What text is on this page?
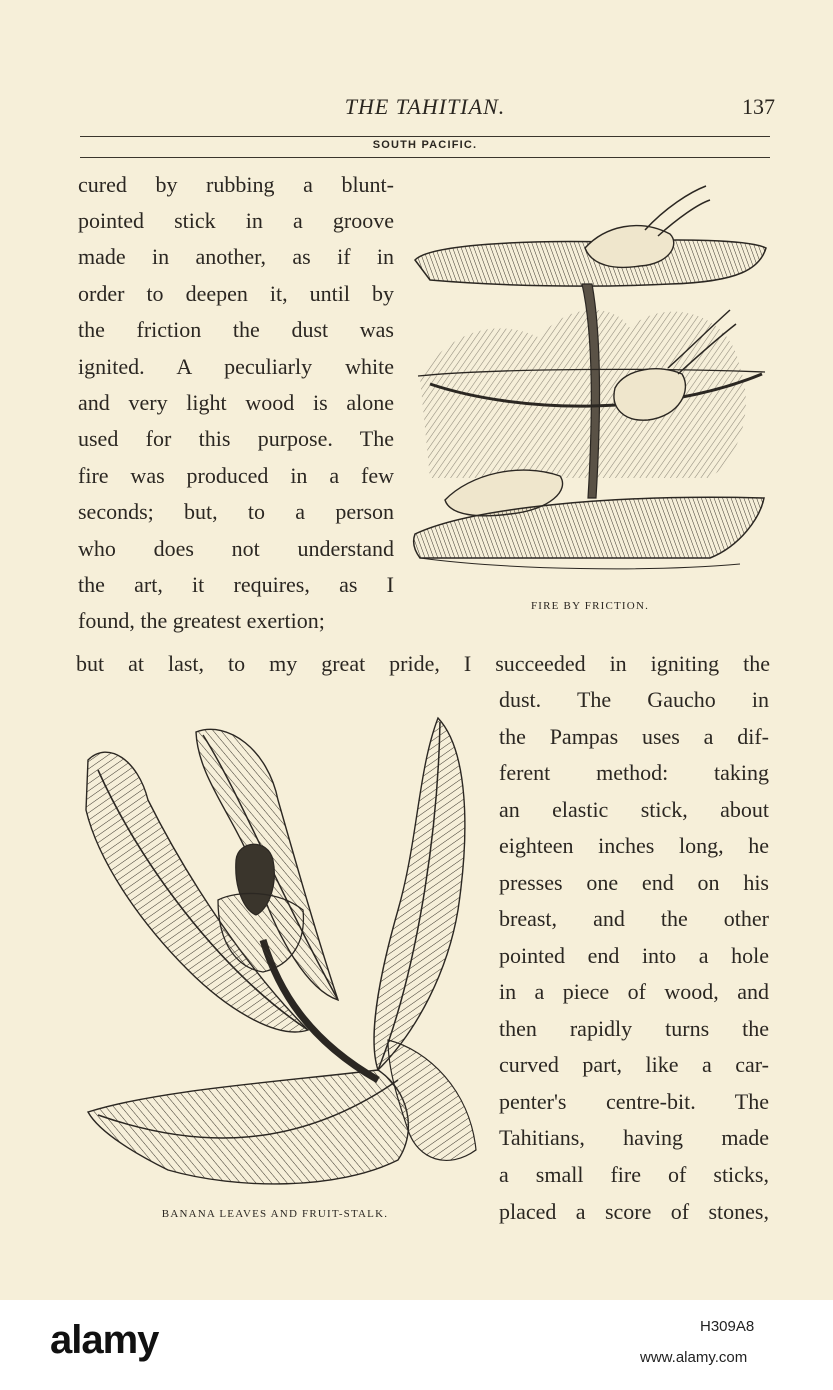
THE TAHITIAN.	137
SOUTH PACIFIC.
cured by rubbing a blunt-
pointed stick in a groove
made in another, as if in
order to deepen it, until by
the friction the dust was
ignited. A peculiarly white
and very light wood is alone
used for this purpose. The
fire was produced in a few
seconds; but, to a person
who does not understand
the art, it requires, as I
found, the greatest exertion;
FIRE BY FRICTION.
but at last, to my great pride, I succeeded in igniting the
BANANA LEAVES AND FRUIT-STALK.
dust. The Gaucho in
the Pampas uses a dif-
ferent method: taking
an elastic stick, about
eighteen inches long, he
presses one end on his
breast, and the other
pointed end into a hole
in a piece of wood, and
then rapidly turns the
curved part, like a car-
penter's centre-bit. The
Tahitians, having made
a small fire of sticks,
placed a score of stones,
alamy	H309A8
www.alamy.com
